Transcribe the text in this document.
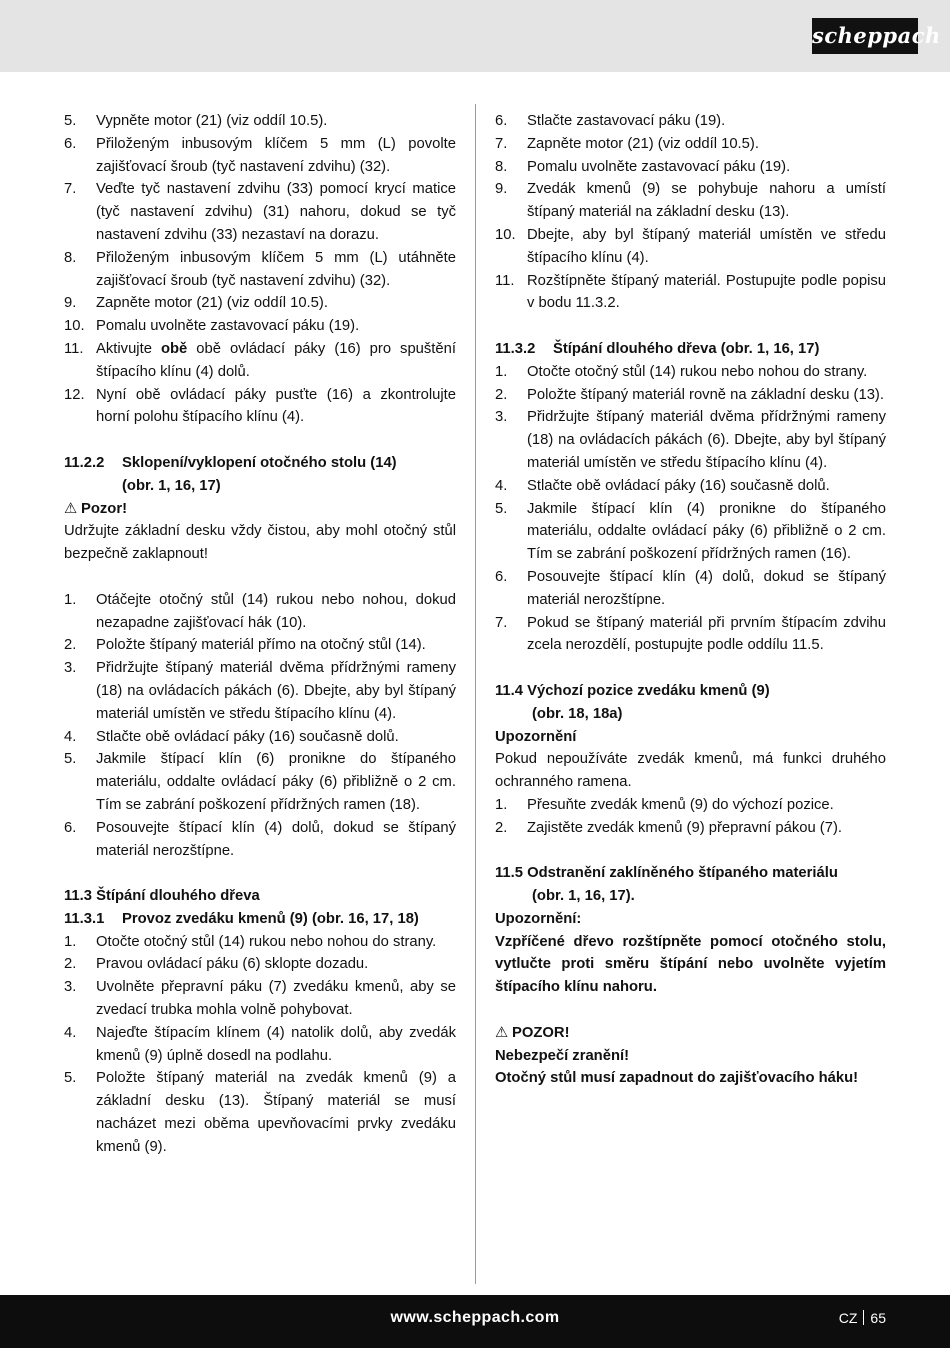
scheppach
5.	Vypněte motor (21) (viz oddíl 10.5).
6.	Přiloženým inbusovým klíčem 5 mm (L) povolte zajišťovací šroub (tyč nastavení zdvihu) (32).
7.	Veďte tyč nastavení zdvihu (33) pomocí krycí matice (tyč nastavení zdvihu) (31) nahoru, dokud se tyč nastavení zdvihu (33) nezastaví na dorazu.
8.	Přiloženým inbusovým klíčem 5 mm (L) utáhněte zajišťovací šroub (tyč nastavení zdvihu) (32).
9.	Zapněte motor (21) (viz oddíl 10.5).
10. Pomalu uvolněte zastavovací páku (19).
11. Aktivujte obě obě ovládací páky (16) pro spuštění štípacího klínu (4) dolů.
12. Nyní obě ovládací páky pusťte (16) a zkontrolujte horní polohu štípacího klínu (4).
11.2.2	Sklopení/vyklopení otočného stolu (14)
(obr. 1, 16, 17)
⚠ Pozor!
Udržujte základní desku vždy čistou, aby mohl otočný stůl bezpečně zaklapnout!
1.	Otáčejte otočný stůl (14) rukou nebo nohou, dokud nezapadne zajišťovací hák (10).
2.	Položte štípaný materiál přímo na otočný stůl (14).
3.	Přidržujte štípaný materiál dvěma přídržnými rameny (18) na ovládacích pákách (6). Dbejte, aby byl štípaný materiál umístěn ve středu štípacího klínu (4).
4.	Stlačte obě ovládací páky (16) současně dolů.
5.	Jakmile štípací klín (6) pronikne do štípaného materiálu, oddalte ovládací páky (6) přibližně o 2 cm. Tím se zabrání poškození přídržných ramen (18).
6.	Posouvejte štípací klín (4) dolů, dokud se štípaný materiál nerozštípne.
11.3 Štípání dlouhého dřeva
11.3.1	Provoz zvedáku kmenů (9) (obr. 16, 17, 18)
1.	Otočte otočný stůl (14) rukou nebo nohou do strany.
2.	Pravou ovládací páku (6) sklopte dozadu.
3.	Uvolněte přepravní páku (7) zvedáku kmenů, aby se zvedací trubka mohla volně pohybovat.
4.	Najeďte štípacím klínem (4) natolik dolů, aby zvedák kmenů (9) úplně dosedl na podlahu.
5.	Položte štípaný materiál na zvedák kmenů (9) a základní desku (13). Štípaný materiál se musí nacházet mezi oběma upevňovacími prvky zvedáku kmenů (9).
6.	Stlačte zastavovací páku (19).
7.	Zapněte motor (21) (viz oddíl 10.5).
8.	Pomalu uvolněte zastavovací páku (19).
9.	Zvedák kmenů (9) se pohybuje nahoru a umístí štípaný materiál na základní desku (13).
10. Dbejte, aby byl štípaný materiál umístěn ve středu štípacího klínu (4).
11. Rozštípněte štípaný materiál. Postupujte podle popisu v bodu 11.3.2.
11.3.2	Štípání dlouhého dřeva (obr. 1, 16, 17)
1.	Otočte otočný stůl (14) rukou nebo nohou do strany.
2.	Položte štípaný materiál rovně na základní desku (13).
3.	Přidržujte štípaný materiál dvěma přídržnými rameny (18) na ovládacích pákách (6). Dbejte, aby byl štípaný materiál umístěn ve středu štípacího klínu (4).
4.	Stlačte obě ovládací páky (16) současně dolů.
5.	Jakmile štípací klín (4) pronikne do štípaného materiálu, oddalte ovládací páky (6) přibližně o 2 cm. Tím se zabrání poškození přídržných ramen (16).
6.	Posouvejte štípací klín (4) dolů, dokud se štípaný materiál nerozštípne.
7.	Pokud se štípaný materiál při prvním štípacím zdvihu zcela nerozdělí, postupujte podle oddílu 11.5.
11.4 Výchozí pozice zvedáku kmenů (9)
(obr. 18, 18a)
Upozornění
Pokud nepoužíváte zvedák kmenů, má funkci druhého ochranného ramena.
1.	Přesuňte zvedák kmenů (9) do výchozí pozice.
2.	Zajistěte zvedák kmenů (9) přepravní pákou (7).
11.5 Odstranění zaklíněného štípaného materiálu
(obr. 1, 16, 17).
Upozornění:
Vzpříčené dřevo rozštípněte pomocí otočného stolu, vytlučte proti směru štípání nebo uvolněte vyjetím štípacího klínu nahoru.
⚠ POZOR!
Nebezpečí zranění!
Otočný stůl musí zapadnout do zajišťovacího háku!
www.scheppach.com	CZ 65
